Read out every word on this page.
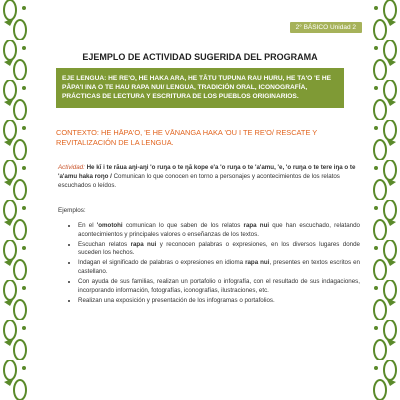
2° BÁSICO Unidad 2
EJEMPLO DE ACTIVIDAD SUGERIDA DEL PROGRAMA
EJE LENGUA: HE RE'O, HE HAKA ARA, HE TĀTU TUPUNA RAU HURU, HE TA'O 'E HE PĀPA'I INA O TE HAU RAPA NUI/ LENGUA, TRADICIÓN ORAL, ICONOGRAFÍA, PRÁCTICAS DE LECTURA Y ESCRITURA DE LOS PUEBLOS ORIGINARIOS.
CONTEXTO: HE HĀPA'O, 'E HE VĀNANGA HAKA 'OU I TE RE'O/ RESCATE Y REVITALIZACIÓN DE LA LENGUA.
Actividad: He kī i te rāua aŋi-aŋi 'o ruŋa o te ŋā kope e'a 'o ruŋa o te 'a'amu, 'e, 'o ruŋa o te tere iŋa o te 'a'amu haka roŋo / Comunican lo que conocen en torno a personajes y acontecimientos de los relatos escuchados o leídos.
Ejemplos:
• En el 'omotohi comunican lo que saben de los relatos rapa nui que han escuchado, relatando acontecimientos y principales valores o enseñanzas de los textos.
• Escuchan relatos rapa nui y reconocen palabras o expresiones, en los diversos lugares donde suceden los hechos.
• Indagan el significado de palabras o expresiones en idioma rapa nui, presentes en textos escritos en castellano.
• Con ayuda de sus familias, realizan un portafolio o infografía, con el resultado de sus indagaciones, incorporando información, fotografías, iconografías, ilustraciones, etc.
• Realizan una exposición y presentación de los infogramas o portafolios.
